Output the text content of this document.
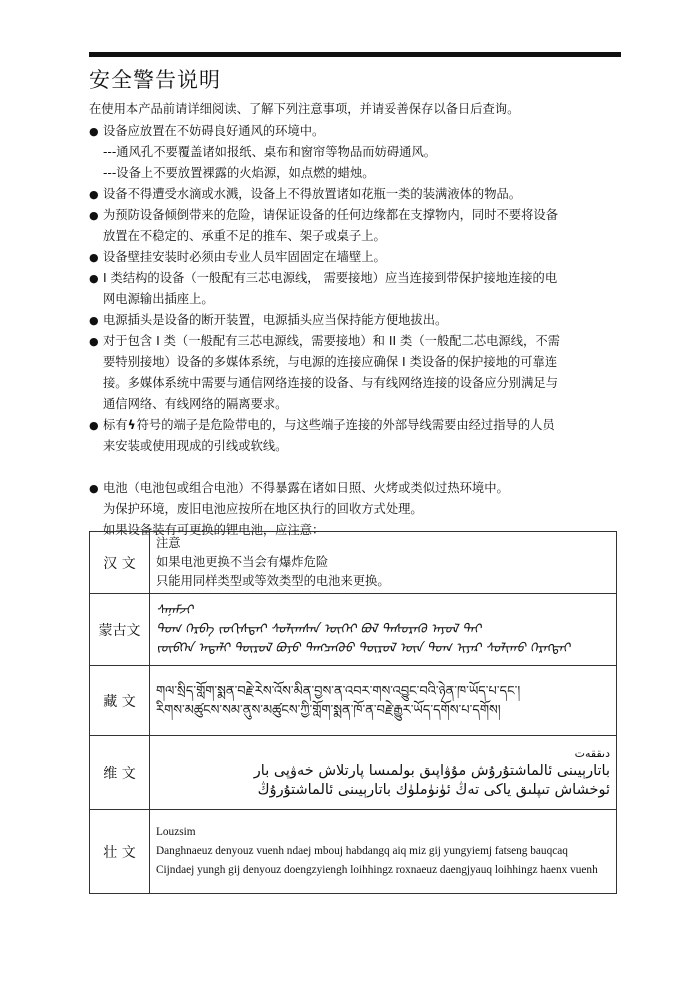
安全警告说明
在使用本产品前请详细阅读、了解下列注意事项，并请妥善保存以备日后查询。

● 设备应放置在不妨碍良好通风的环境中。

---通风孔不要覆盖诸如报纸、桌布和窗帘等物品而妨碍通风。

---设备上不要放置裸露的火焰源，如点燃的蜡烛。

● 设备不得遭受水滴或水溅，设备上不得放置诸如花瓶一类的装满液体的物品。

● 为预防设备倾倒带来的危险，请保证设备的任何边缘都在支撑物内，同时不要将设备

放置在不稳定的、承重不足的推车、架子或桌子上。

● 设备壁挂安装时必须由专业人员牢固固定在墙壁上。

● I 类结构的设备（一般配有三芯电源线， 需要接地）应当连接到带保护接地连接的电

网电源输出插座上。

● 电源插头是设备的断开装置，电源插头应当保持能方便地拔出。

● 对于包含 I 类（一般配有三芯电源线，需要接地）和 II 类（一般配二芯电源线，不需

要特别接地）设备的多媒体系统，与电源的连接应确保 I 类设备的保护接地的可靠连

接。多媒体系统中需要与通信网络连接的设备、与有线网络连接的设备应分别满足与

通信网络、有线网络的隔离要求。

● 标有ϟ符号的端子是危险带电的，与这些端子连接的外部导线需要由经过指导的人员

来安装或使用现成的引线或软线。

● 电池（电池包或组合电池）不得暴露在诸如日照、火烤或类似过热环境中。

为保护环境，废旧电池应按所在地区执行的回收方式处理。

如果设备装有可更换的锂电池，应注意：

汉 文	注意
如果电池更换不当会有爆炸危险
只能用同样类型或等效类型的电池来更换。

蒙古文	ᠰᠠᠨᠠᠮᠵᠢ
ᠲᠣᠭ ᠬᠡᠷᠪᠡ ᠵᠣᠬᠢᠰᠲᠠᠢ ᠰᠣᠯᠢᠭᠰᠠᠨ ᠦᠭᠡᠢ ᠪᠣᠯ ᠲᠡᠰᠦᠷᠡᠬᠦ ᠠᠶᠤᠯ ᠲᠠᠢ
ᠵᠥᠪᠬᠡᠨ ᠠᠳᠠᠯᠢ ᠲᠥᠷᠥᠯ ᠪᠤᠶᠤ ᠲᠡᠩᠴᠡᠭᠦᠦ ᠲᠥᠷᠥᠯ ᠦᠨ ᠲᠣᠭ ᠢᠶᠠᠷ ᠰᠣᠯᠢᠬᠤ ᠬᠡᠷᠡᠭᠲᠡᠢ

藏 文	གལ་སྲིད་གློག་སྨན་བརྗེ་རེས་འོས་མིན་བྱས་ན་འབར་གས་འབྱུང་བའི་ཉེན་ཁ་ཡོད་པ་དང་།
རིགས་མཚུངས་སམ་ནུས་མཚུངས་ཀྱི་གློག་སྨན་ཁོ་ན་བརྗེ་རྒྱུར་ཡོད་དགོས་པ་དགོས།

维 文	دىققەت
باتارېيىنى ئالماشتۇرۇش مۇۋاپىق بولمىسا پارتلاش خەۋپى بار
ئوخشاش تىپلىق ياكى تەڭ ئۈنۈملۈك باتارېيىنى ئالماشتۇرۇڭ

壮 文	Louzsim
Danghnaeuz denyouz vuenh ndaej mbouj habdangq aiq miz gij yungyiemj fatseng bauqcaq
Cijndaej yungh gij denyouz doengzyiengh loihhingz roxnaeuz daengjyauq loihhingz haenx vuenh
